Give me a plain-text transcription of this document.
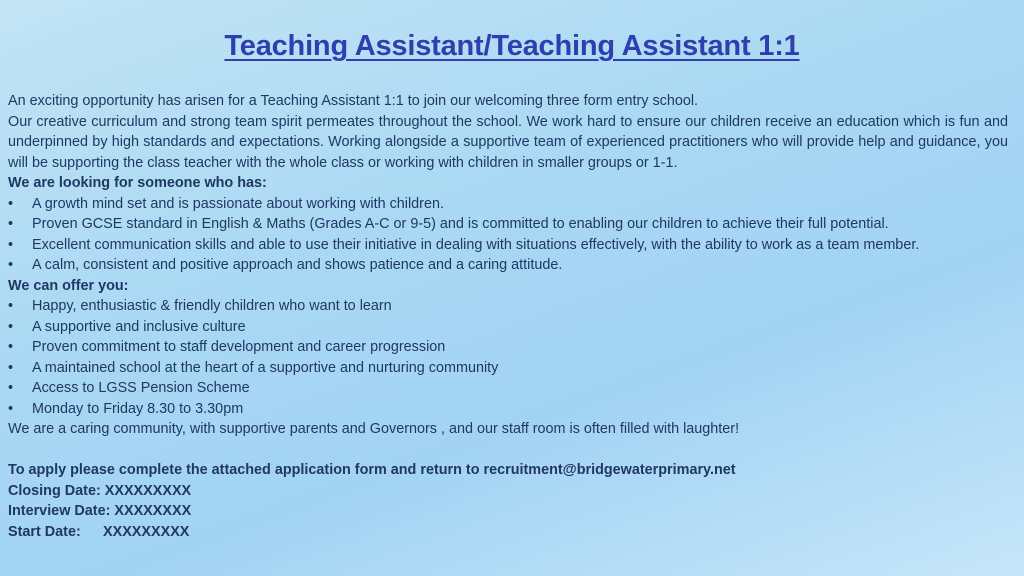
Teaching Assistant/Teaching Assistant 1:1

An exciting opportunity has arisen for a Teaching Assistant 1:1 to join our welcoming three form entry school.

Our creative curriculum and strong team spirit permeates throughout the school. We work hard to ensure our children receive an education which is fun and underpinned by high standards and expectations. Working alongside a supportive team of experienced practitioners who will provide help and guidance, you will be supporting the class teacher with the whole class or working with children in smaller groups or 1-1.

We are looking for someone who has:

• A growth mind set and is passionate about working with children.
• Proven GCSE standard in English & Maths (Grades A-C or 9-5) and is committed to enabling our children to achieve their full potential.
• Excellent communication skills and able to use their initiative in dealing with situations effectively, with the ability to work as a team member.
• A calm, consistent and positive approach and shows patience and a caring attitude.

We can offer you:

• Happy, enthusiastic & friendly children who want to learn
• A supportive and inclusive culture
• Proven commitment to staff development and career progression
• A maintained school at the heart of a supportive and nurturing community
• Access to LGSS Pension Scheme
• Monday to Friday 8.30 to 3.30pm

We are a caring community, with supportive parents and Governors , and our staff room is often filled with laughter!

To apply please complete the attached application form and return to recruitment@bridgewaterprimary.net

Closing Date: XXXXXXXXX

Interview Date: XXXXXXXX

Start Date: XXXXXXXXX
